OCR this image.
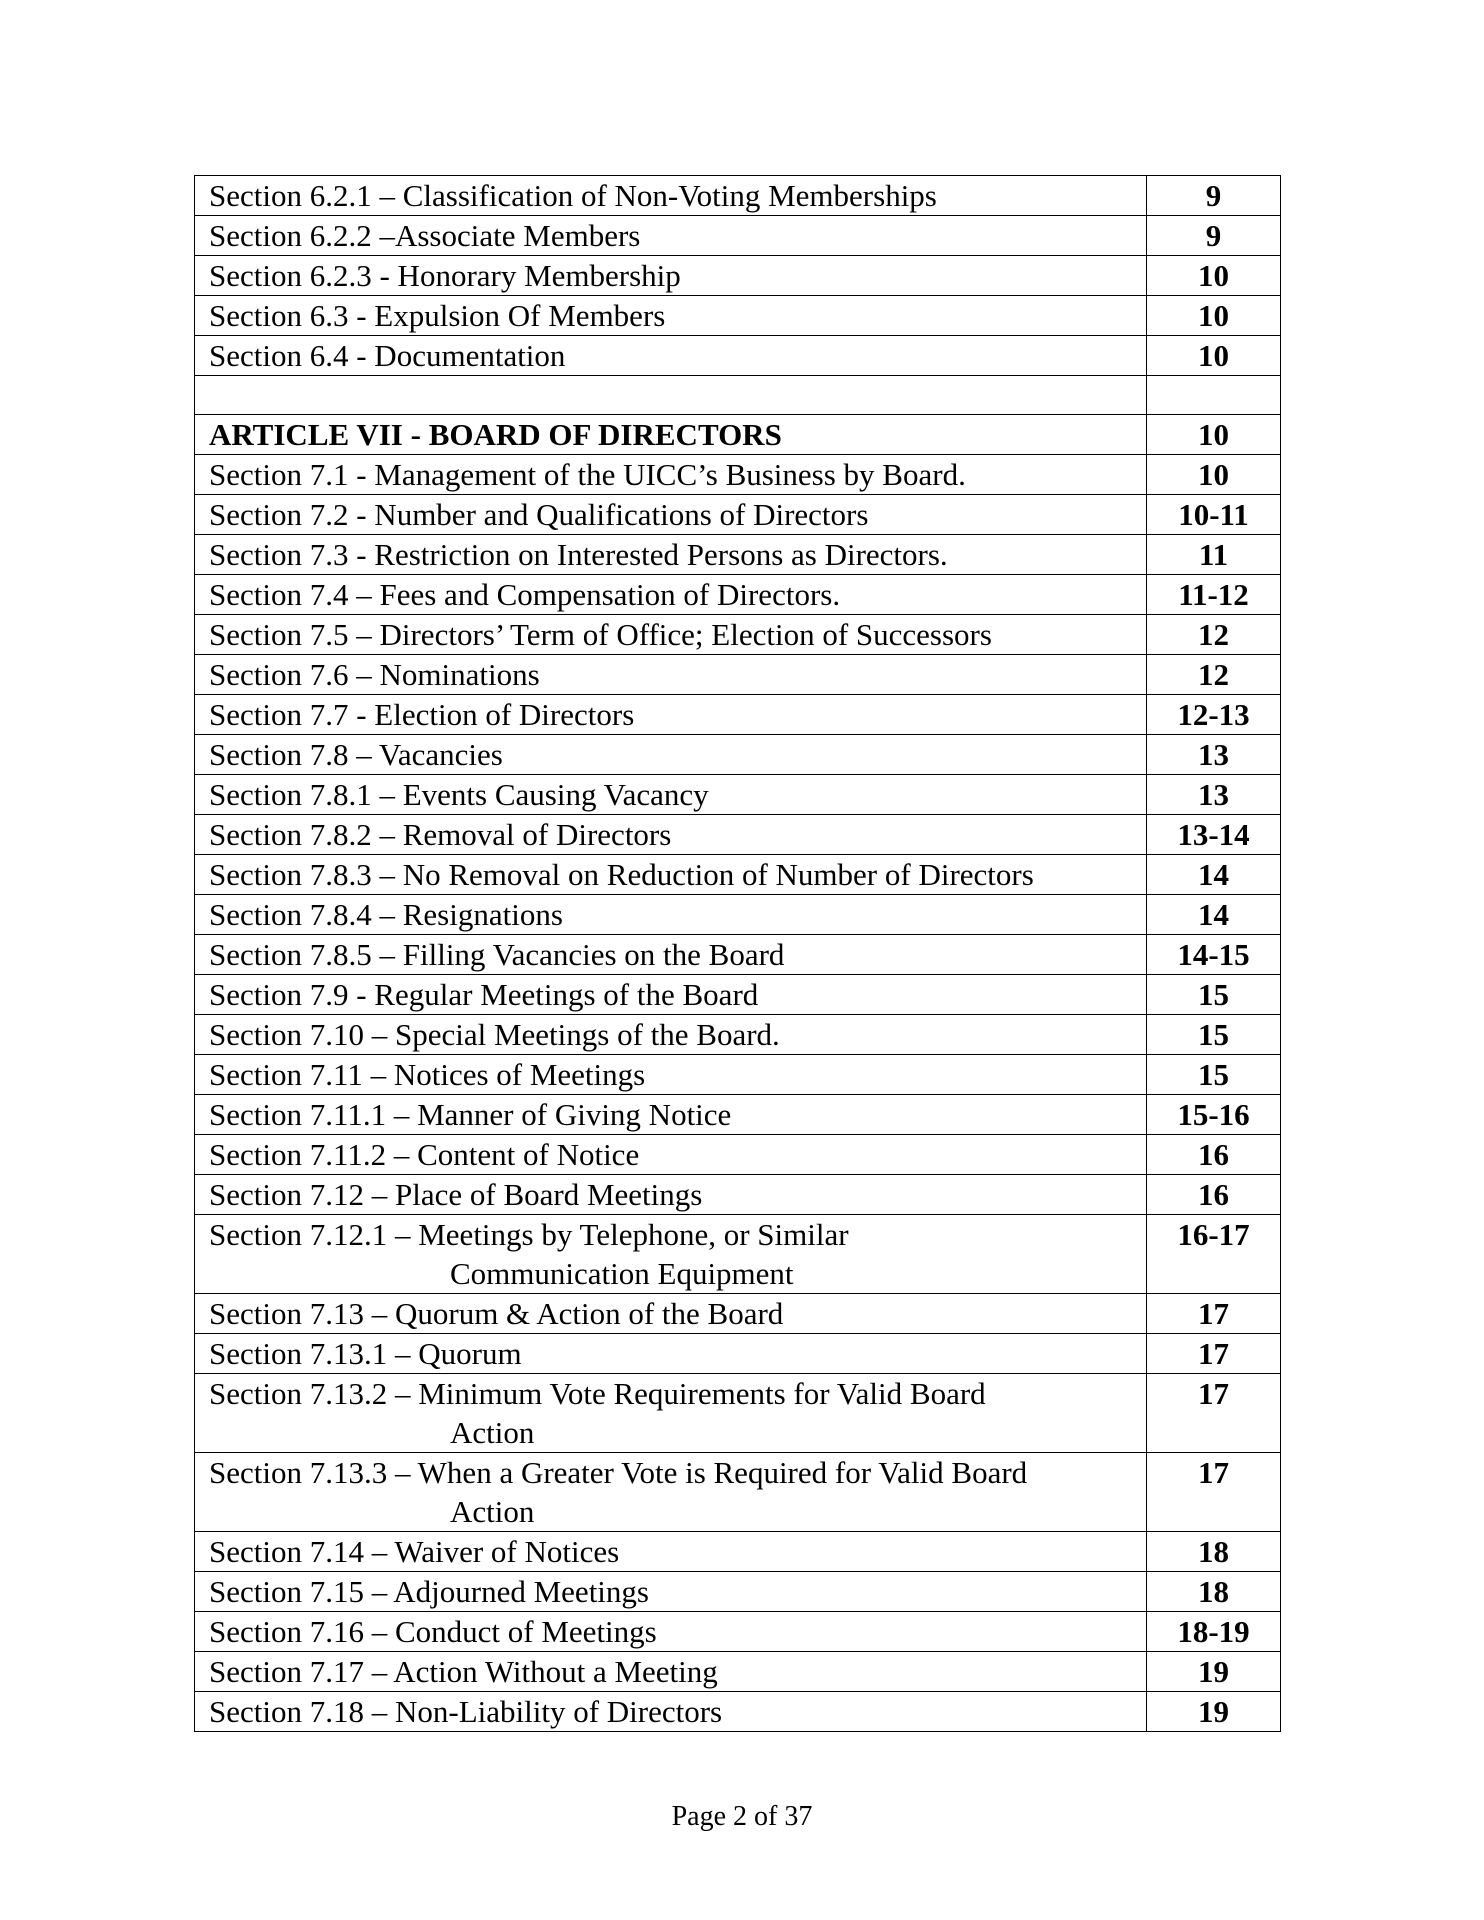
Section 6.2.1 – Classification of Non-Voting Memberships	9
Section 6.2.2 –Associate Members	9
Section 6.2.3 - Honorary Membership	10
Section 6.3 - Expulsion Of Members	10
Section 6.4 - Documentation	10

ARTICLE VII - BOARD OF DIRECTORS	10
Section 7.1 - Management of the UICC’s Business by Board.	10
Section 7.2 - Number and Qualifications of Directors	10-11
Section 7.3 - Restriction on Interested Persons as Directors.	11
Section 7.4 – Fees and Compensation of Directors.	11-12
Section 7.5 – Directors’ Term of Office; Election of Successors	12
Section 7.6 – Nominations	12
Section 7.7 - Election of Directors	12-13
Section 7.8 – Vacancies	13
Section 7.8.1 – Events Causing Vacancy	13
Section 7.8.2 – Removal of Directors	13-14
Section 7.8.3 – No Removal on Reduction of Number of Directors	14
Section 7.8.4 – Resignations	14
Section 7.8.5 – Filling Vacancies on the Board	14-15
Section 7.9 - Regular Meetings of the Board	15
Section 7.10 – Special Meetings of the Board.	15
Section 7.11 – Notices of Meetings	15
Section 7.11.1 – Manner of Giving Notice	15-16
Section 7.11.2 – Content of Notice	16
Section 7.12 – Place of Board Meetings	16
Section 7.12.1 – Meetings by Telephone, or Similar
Communication Equipment	16-17
Section 7.13 – Quorum & Action of the Board	17
Section 7.13.1 – Quorum	17
Section 7.13.2 – Minimum Vote Requirements for Valid Board
Action	17
Section 7.13.3 – When a Greater Vote is Required for Valid Board
Action	17
Section 7.14 – Waiver of Notices	18
Section 7.15 – Adjourned Meetings	18
Section 7.16 – Conduct of Meetings	18-19
Section 7.17 – Action Without a Meeting	19
Section 7.18 – Non-Liability of Directors	19
Page 2 of 37
